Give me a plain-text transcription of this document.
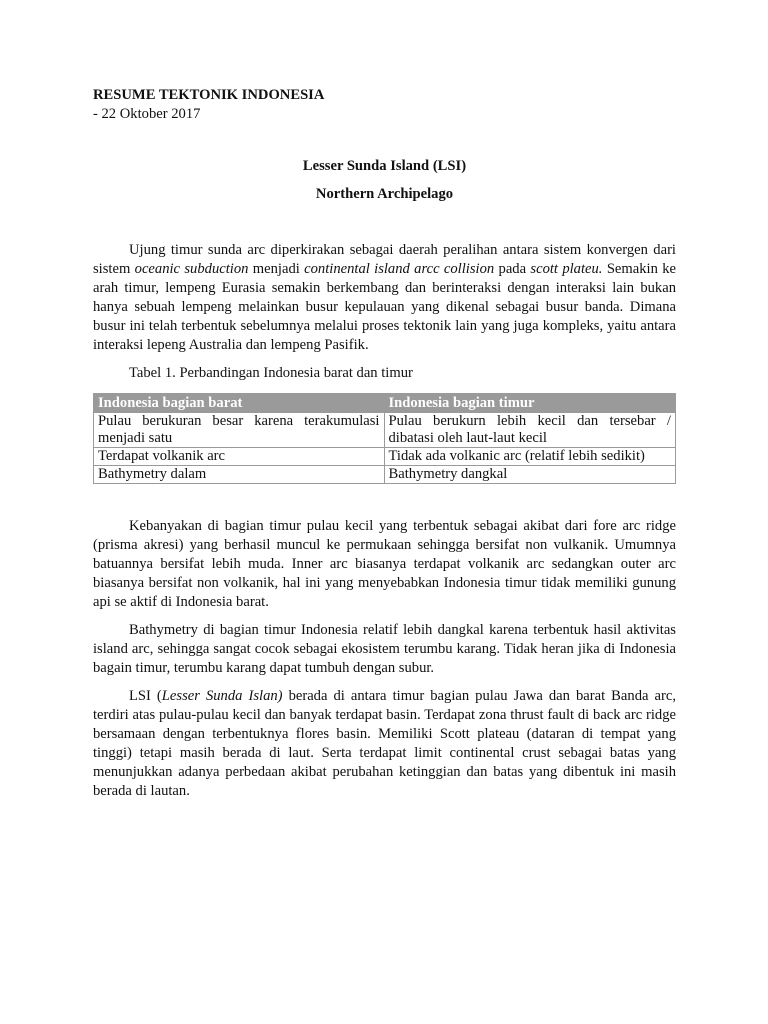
RESUME TEKTONIK INDONESIA

- 22 Oktober 2017

Lesser Sunda Island (LSI)

Northern Archipelago

Ujung timur sunda arc diperkirakan sebagai daerah peralihan antara sistem konvergen dari sistem oceanic subduction menjadi continental island arcc collision pada scott plateu. Semakin ke arah timur, lempeng Eurasia semakin berkembang dan berinteraksi dengan interaksi lain bukan hanya sebuah lempeng melainkan busur kepulauan yang dikenal sebagai busur banda. Dimana busur ini telah terbentuk sebelumnya melalui proses tektonik lain yang juga kompleks, yaitu antara interaksi lepeng Australia dan lempeng Pasifik.

Tabel 1. Perbandingan Indonesia barat dan timur
Indonesia bagian barat	Indonesia bagian timur
Pulau berukuran besar karena terakumulasi menjadi satu	Pulau berukurn lebih kecil dan tersebar / dibatasi oleh laut-laut kecil
Terdapat volkanik arc	Tidak ada volkanic arc (relatif lebih sedikit)
Bathymetry dalam	Bathymetry dangkal

Kebanyakan di bagian timur pulau kecil yang terbentuk sebagai akibat dari fore arc ridge (prisma akresi) yang berhasil muncul ke permukaan sehingga bersifat non vulkanik. Umumnya batuannya bersifat lebih muda. Inner arc biasanya terdapat volkanik arc sedangkan outer arc biasanya bersifat non volkanik, hal ini yang menyebabkan Indonesia timur tidak memiliki gunung api se aktif di Indonesia barat.

Bathymetry di bagian timur Indonesia relatif lebih dangkal karena terbentuk hasil aktivitas island arc, sehingga sangat cocok sebagai ekosistem terumbu karang. Tidak heran jika di Indonesia bagain timur, terumbu karang dapat tumbuh dengan subur.

LSI (Lesser Sunda Islan) berada di antara timur bagian pulau Jawa dan barat Banda arc, terdiri atas pulau-pulau kecil dan banyak terdapat basin. Terdapat zona thrust fault di back arc ridge bersamaan dengan terbentuknya flores basin. Memiliki Scott plateau (dataran di tempat yang tinggi) tetapi masih berada di laut. Serta terdapat limit continental crust sebagai batas yang menunjukkan adanya perbedaan akibat perubahan ketinggian dan batas yang dibentuk ini masih berada di lautan.
